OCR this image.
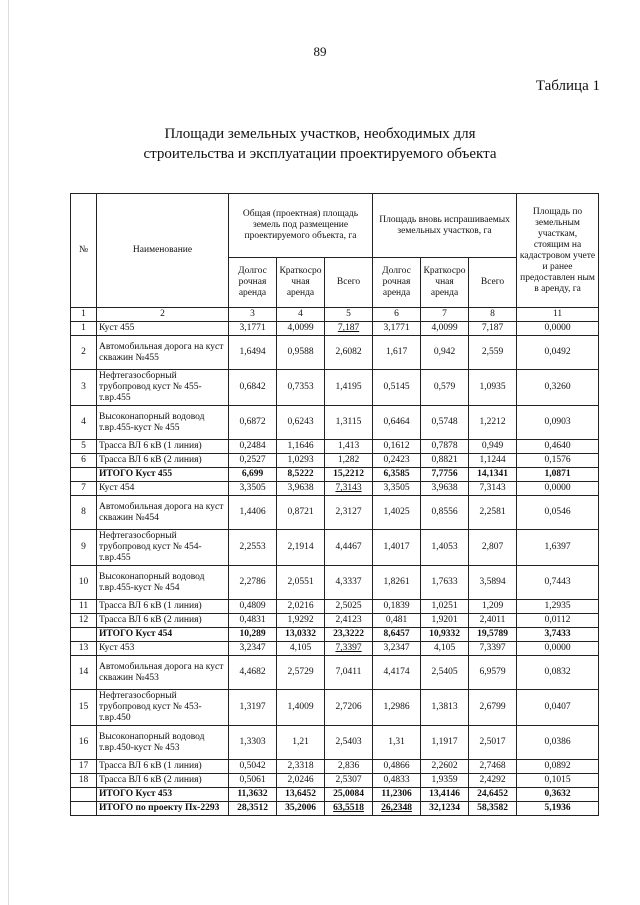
89
Таблица 1
Площади земельных участков, необходимых для
строительства и эксплуатации проектируемого объекта
№	Наименование	Общая (проектная) площадь земель под размещение проектируемого объекта, га			Площадь вновь испрашиваемых земельных участков, га			Площадь по земельным участкам, стоящим на кадастровом учете и ранее предоставлен ным в аренду, га
		Долгос рочная аренда	Краткосро чная аренда	Всего	Долгос рочная аренда	Краткосро чная аренда	Всего	
1	2	3	4	5	6	7	8	11
1	Куст 455	3,1771	4,0099	7,187	3,1771	4,0099	7,187	0,0000
2	Автомобильная дорога на куст скважин №455	1,6494	0,9588	2,6082	1,617	0,942	2,559	0,0492
3	Нефтегазосборный трубопровод куст № 455-т.вр.455	0,6842	0,7353	1,4195	0,5145	0,579	1,0935	0,3260
4	Высоконапорный водовод т.вр.455-куст № 455	0,6872	0,6243	1,3115	0,6464	0,5748	1,2212	0,0903
5	Трасса ВЛ 6 кВ (1 линия)	0,2484	1,1646	1,413	0,1612	0,7878	0,949	0,4640
6	Трасса ВЛ 6 кВ (2 линия)	0,2527	1,0293	1,282	0,2423	0,8821	1,1244	0,1576
	ИТОГО Куст 455	6,699	8,5222	15,2212	6,3585	7,7756	14,1341	1,0871
7	Куст 454	3,3505	3,9638	7,3143	3,3505	3,9638	7,3143	0,0000
8	Автомобильная дорога на куст скважин №454	1,4406	0,8721	2,3127	1,4025	0,8556	2,2581	0,0546
9	Нефтегазосборный трубопровод куст № 454-т.вр.455	2,2553	2,1914	4,4467	1,4017	1,4053	2,807	1,6397
10	Высоконапорный водовод т.вр.455-куст № 454	2,2786	2,0551	4,3337	1,8261	1,7633	3,5894	0,7443
11	Трасса ВЛ 6 кВ (1 линия)	0,4809	2,0216	2,5025	0,1839	1,0251	1,209	1,2935
12	Трасса ВЛ 6 кВ (2 линия)	0,4831	1,9292	2,4123	0,481	1,9201	2,4011	0,0112
	ИТОГО Куст 454	10,289	13,0332	23,3222	8,6457	10,9332	19,5789	3,7433
13	Куст 453	3,2347	4,105	7,3397	3,2347	4,105	7,3397	0,0000
14	Автомобильная дорога на куст скважин №453	4,4682	2,5729	7,0411	4,4174	2,5405	6,9579	0,0832
15	Нефтегазосборный трубопровод куст № 453-т.вр.450	1,3197	1,4009	2,7206	1,2986	1,3813	2,6799	0,0407
16	Высоконапорный водовод т.вр.450-куст № 453	1,3303	1,21	2,5403	1,31	1,1917	2,5017	0,0386
17	Трасса ВЛ 6 кВ (1 линия)	0,5042	2,3318	2,836	0,4866	2,2602	2,7468	0,0892
18	Трасса ВЛ 6 кВ (2 линия)	0,5061	2,0246	2,5307	0,4833	1,9359	2,4292	0,1015
	ИТОГО Куст 453	11,3632	13,6452	25,0084	11,2306	13,4146	24,6452	0,3632
	ИТОГО по проекту Пх-2293	28,3512	35,2006	63,5518	26,2348	32,1234	58,3582	5,1936
